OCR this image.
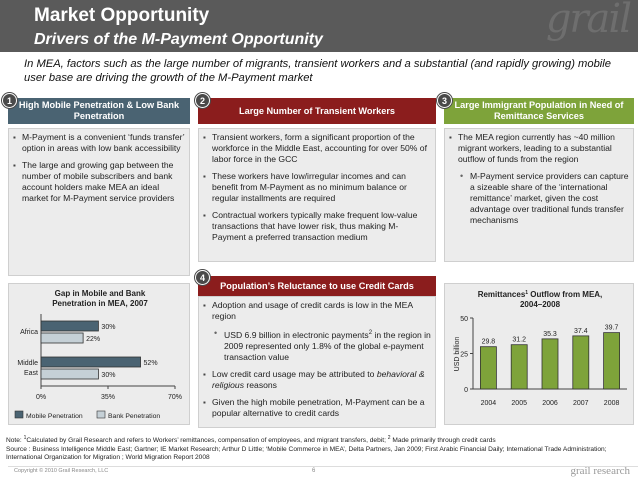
grail
Market Opportunity
Drivers of the M-Payment Opportunity
In MEA, factors such as the large number of migrants, transient workers and a substantial (and rapidly growing) mobile user base are driving the growth of the M-Payment market
1 High Mobile Penetration & Low Bank Penetration
▪ M-Payment is a convenient ‘funds transfer’ option in areas with low bank accessibility
▪ The large and growing gap between the number of mobile subscribers and bank account holders make MEA an ideal market for M-Payment service providers
2
Large Number of Transient Workers
▪ Transient workers, form a significant proportion of the workforce in the Middle East, accounting for over 50% of labor force in the GCC
▪ These workers have low/irregular incomes and can benefit from M-Payment as no minimum balance or regular installments are required
▪ Contractual workers typically make frequent low-value transactions that have lower risk, thus making M-Payment a preferred transaction medium
3 Large Immigrant Population in Need of Remittance Services
▪ The MEA region currently has ~40 million migrant workers, leading to a substantial outflow of funds from the region
• M-Payment service providers can capture a sizeable share of the ‘international remittance’ market, given the cost advantage over traditional funds transfer mechanisms
Gap in Mobile and Bank
Penetration in MEA, 2007
0%	35%	70%
30%
22%
Africa
52%
30%
Middle
East
Mobile Penetration	Bank Penetration
4
Population’s Reluctance to use Credit Cards
▪ Adoption and usage of credit cards is low in the MEA region
• USD 6.9 billion in electronic payments$^2$ in the region in 2009 represented only 1.8% of the global e-payment transaction value
▪ Low credit card usage may be attributed to behavioral & religious reasons
▪ Given the high mobile penetration, M-Payment can be a popular alternative to credit cards
Remittances$^1$ Outflow from MEA,
2004–2008
0
25
50
USD billion	29.8
2004
31.2
2005
35.3
2006
37.4
2007
39.7
2008
Note: $^1$Calculated by Grail Research and refers to Workers’ remittances, compensation of employees, and migrant transfers, debit; $^2$ Made primarily through credit cards
Source : Business Intelligence Middle East; Gartner; IE Market Research; Arthur D Little; ‘Mobile Commerce in MEA’, Delta Partners, Jan 2009; First Arabic Financial Daily; International Trade Administration; International Organization for Migration ; World Migration Report 2008
Copyright © 2010 Grail Research, LLC	6	grail research
